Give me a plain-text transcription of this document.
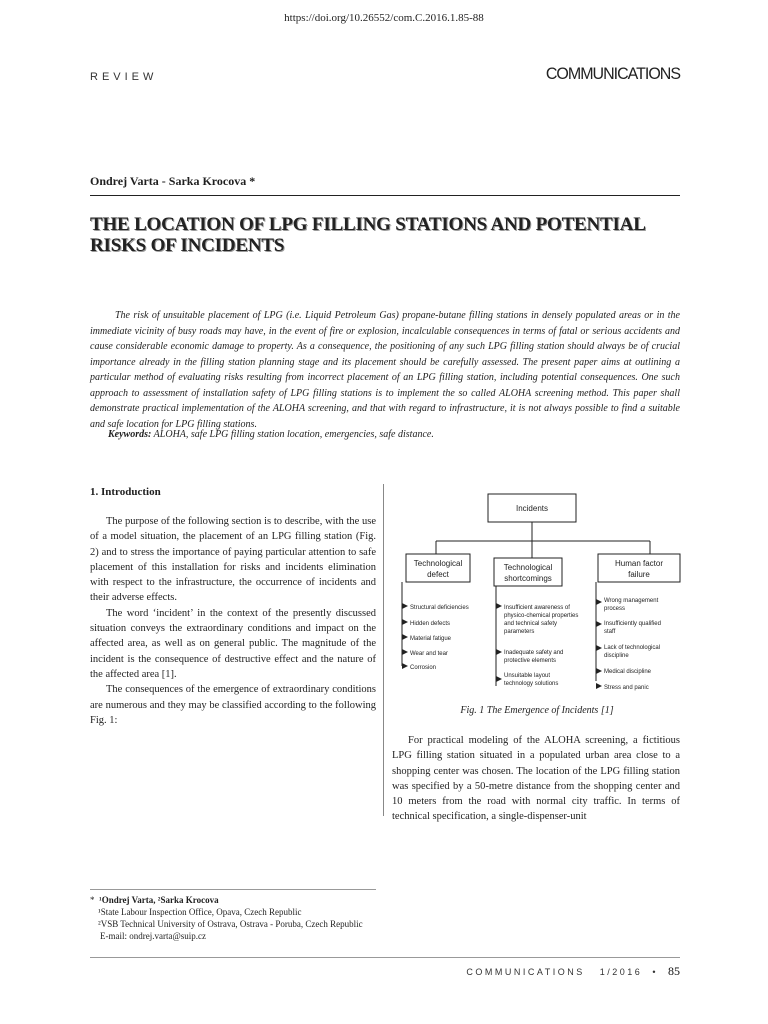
https://doi.org/10.26552/com.C.2016.1.85-88
REVIEW	COMMUNICATIONS
Ondrej Varta - Sarka Krocova *
THE LOCATION OF LPG FILLING STATIONS AND POTENTIAL RISKS OF INCIDENTS

The risk of unsuitable placement of LPG (i.e. Liquid Petroleum Gas) propane-butane filling stations in densely populated areas or in the immediate vicinity of busy roads may have, in the event of fire or explosion, incalculable consequences in terms of fatal or serious accidents and cause considerable economic damage to property. As a consequence, the positioning of any such LPG filling station should always be of crucial importance already in the filling station planning stage and its placement should be carefully assessed. The present paper aims at outlining a particular method of evaluating risks resulting from incorrect placement of an LPG filling station, including potential consequences. One such approach to assessment of installation safety of LPG filling stations is to implement the so called ALOHA screening method. This paper shall demonstrate practical implementation of the ALOHA screening, and that with regard to infrastructure, it is not always possible to find a suitable and safe location for LPG filling stations.

Keywords: ALOHA, safe LPG filling station location, emergencies, safe distance.
1. Introduction

The purpose of the following section is to describe, with the use of a model situation, the placement of an LPG filling station (Fig. 2) and to stress the importance of paying particular attention to safe placement of this installation for risks and incidents elimination with respect to the infrastructure, the occurrence of incidents and their adverse effects.

The word ‘incident’ in the context of the presently discussed situation conveys the extraordinary conditions and impact on the affected area, as well as on general public. The magnitude of the incident is the consequence of destructive effect and the nature of the affected area [1].

The consequences of the emergence of extraordinary conditions are numerous and they may be classified according to the following Fig. 1:

Incidents
Technological
defect
Technological
shortcomings
Human factor
failure
Structural deficiencies
Hidden defects
Material fatigue
Wear and tear
Corrosion
Insufficient awareness of
physico-chemical properties
and technical safety
parameters
Inadequate safety and
protective elements
Unsuitable layout
technology solutions
Wrong management
process
Insufficiently qualified
staff
Lack of technological
discipline
Medical discipline
Stress and panic
Fig. 1 The Emergence of Incidents [1]

For practical modeling of the ALOHA screening, a fictitious LPG filling station situated in a populated urban area close to a shopping center was chosen. The location of the LPG filling station was specified by a 50-metre distance from the shopping center and 10 meters from the road with normal city traffic. In terms of technical specification, a single-dispenser-unit

* ¹Ondrej Varta, ²Sarka Krocova
¹State Labour Inspection Office, Opava, Czech Republic
²VSB Technical University of Ostrava, Ostrava - Poruba, Czech Republic
E-mail: ondrej.varta@suip.cz
COMMUNICATIONS 1/2016 • 85
